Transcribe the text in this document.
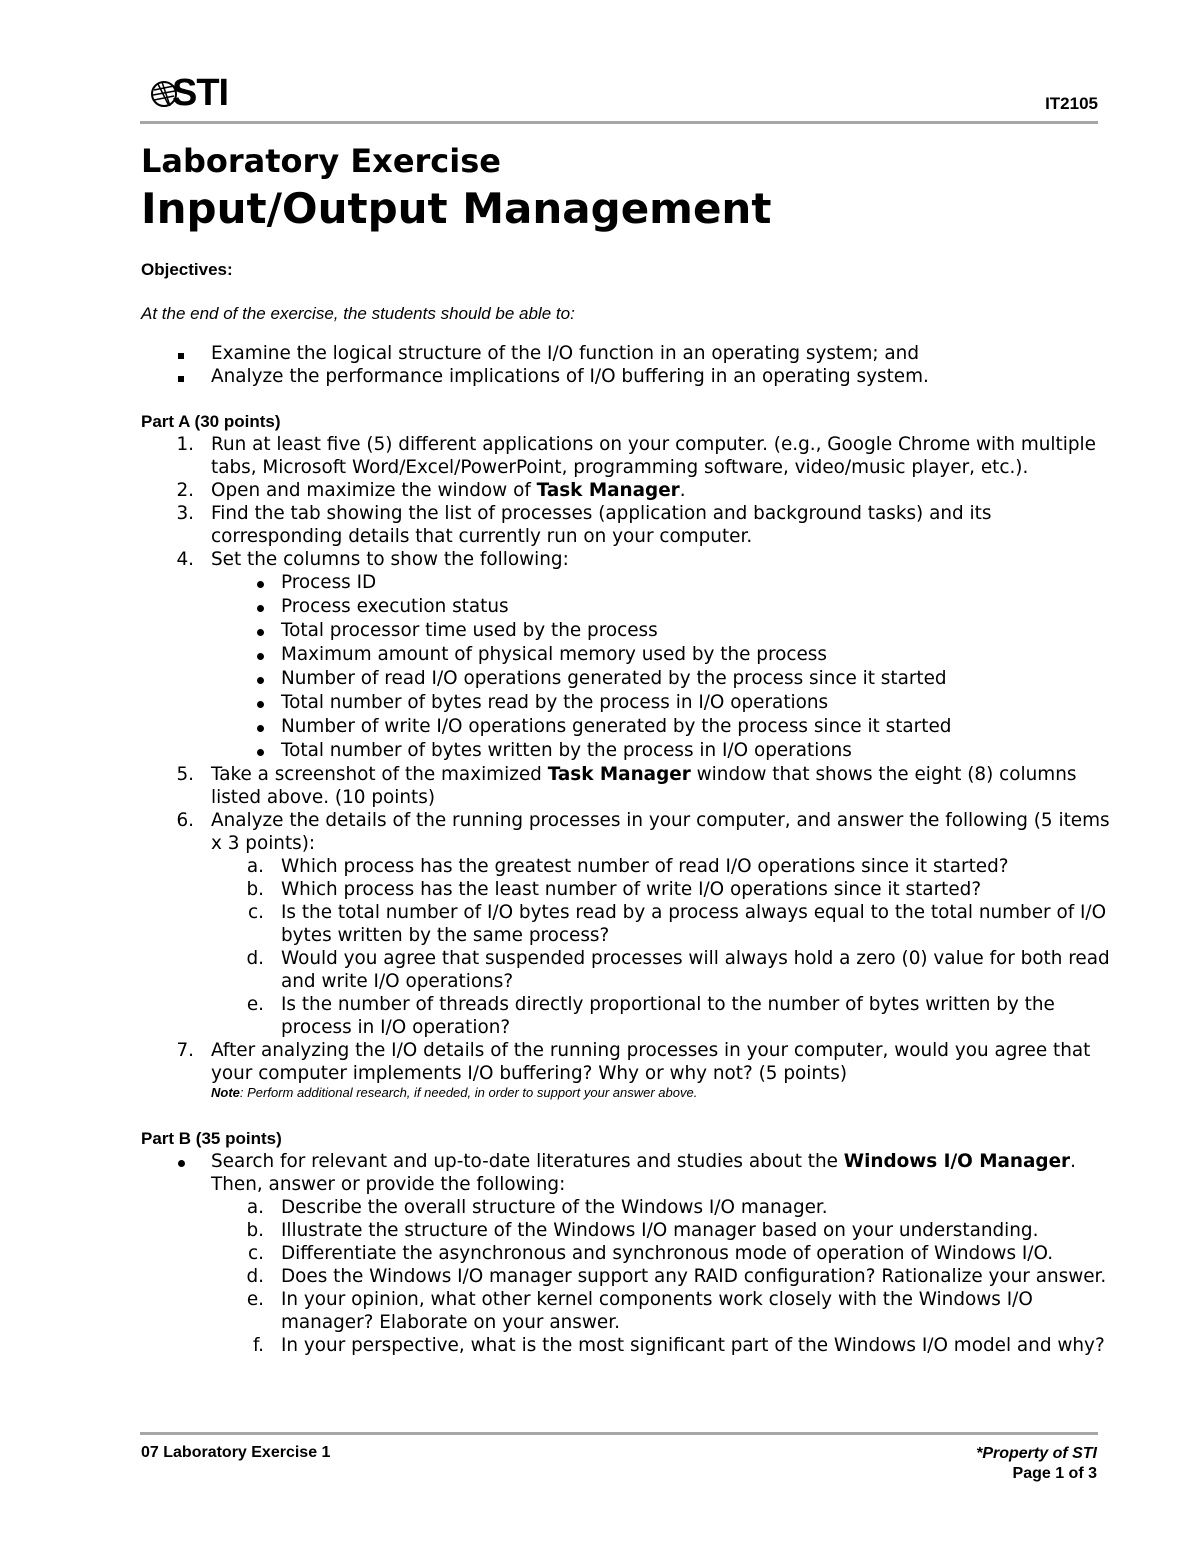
STI	IT2105
Laboratory Exercise
Input/Output Management

Objectives:

At the end of the exercise, the students should be able to:

Examine the logical structure of the I/O function in an operating system; and
Analyze the performance implications of I/O buffering in an operating system.

Part A (30 points)

1. Run at least five (5) different applications on your computer. (e.g., Google Chrome with multiple tabs, Microsoft Word/Excel/PowerPoint, programming software, video/music player, etc.).
2. Open and maximize the window of Task Manager.
3. Find the tab showing the list of processes (application and background tasks) and its corresponding details that currently run on your computer.
4. Set the columns to show the following:
Process ID
Process execution status
Total processor time used by the process
Maximum amount of physical memory used by the process
Number of read I/O operations generated by the process since it started
Total number of bytes read by the process in I/O operations
Number of write I/O operations generated by the process since it started
Total number of bytes written by the process in I/O operations
5. Take a screenshot of the maximized Task Manager window that shows the eight (8) columns listed above. (10 points)
6. Analyze the details of the running processes in your computer, and answer the following (5 items x 3 points):
a. Which process has the greatest number of read I/O operations since it started?
b. Which process has the least number of write I/O operations since it started?
c. Is the total number of I/O bytes read by a process always equal to the total number of I/O bytes written by the same process?
d. Would you agree that suspended processes will always hold a zero (0) value for both read and write I/O operations?
e. Is the number of threads directly proportional to the number of bytes written by the process in I/O operation?
7. After analyzing the I/O details of the running processes in your computer, would you agree that your computer implements I/O buffering? Why or why not? (5 points)
Note: Perform additional research, if needed, in order to support your answer above.

Part B (35 points)

Search for relevant and up-to-date literatures and studies about the Windows I/O Manager. Then, answer or provide the following:
a. Describe the overall structure of the Windows I/O manager.
b. Illustrate the structure of the Windows I/O manager based on your understanding.
c. Differentiate the asynchronous and synchronous mode of operation of Windows I/O.
d. Does the Windows I/O manager support any RAID configuration? Rationalize your answer.
e. In your opinion, what other kernel components work closely with the Windows I/O manager? Elaborate on your answer.
f. In your perspective, what is the most significant part of the Windows I/O model and why?
07 Laboratory Exercise 1	*Property of STI
Page 1 of 3
